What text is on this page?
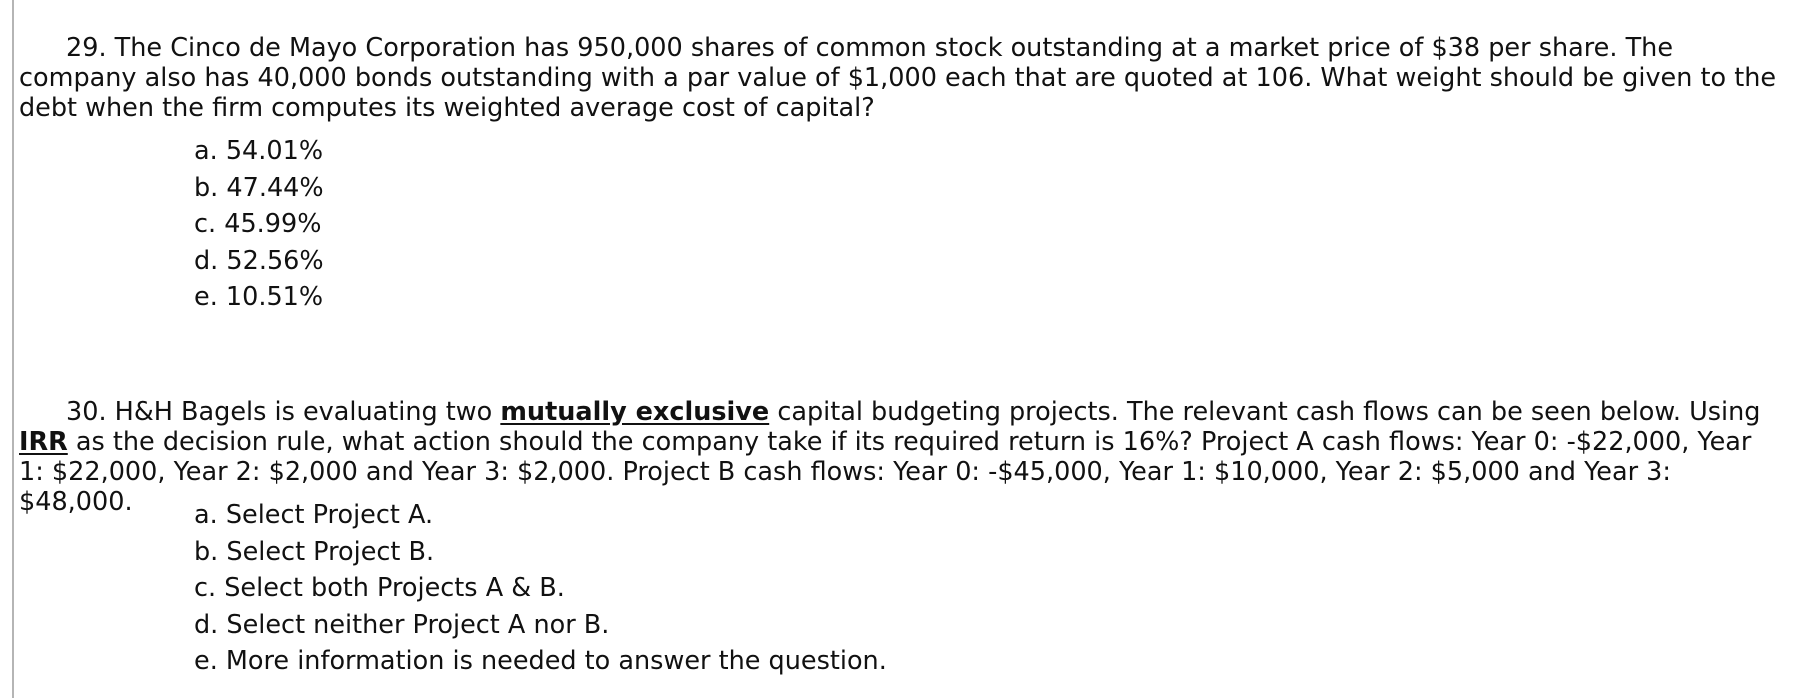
29. The Cinco de Mayo Corporation has 950,000 shares of common stock outstanding at a market price of $38 per share. The company also has 40,000 bonds outstanding with a par value of $1,000 each that are quoted at 106. What weight should be given to the debt when the firm computes its weighted average cost of capital?
a. 54.01%
b. 47.44%
c. 45.99%
d. 52.56%
e. 10.51%
30. H&H Bagels is evaluating two mutually exclusive capital budgeting projects. The relevant cash flows can be seen below. Using IRR as the decision rule, what action should the company take if its required return is 16%? Project A cash flows: Year 0: -$22,000, Year 1: $22,000, Year 2: $2,000 and Year 3: $2,000. Project B cash flows: Year 0: -$45,000, Year 1: $10,000, Year 2: $5,000 and Year 3: $48,000.	a. Select Project A.
b. Select Project B.
c. Select both Projects A & B.
d. Select neither Project A nor B.
e. More information is needed to answer the question.
